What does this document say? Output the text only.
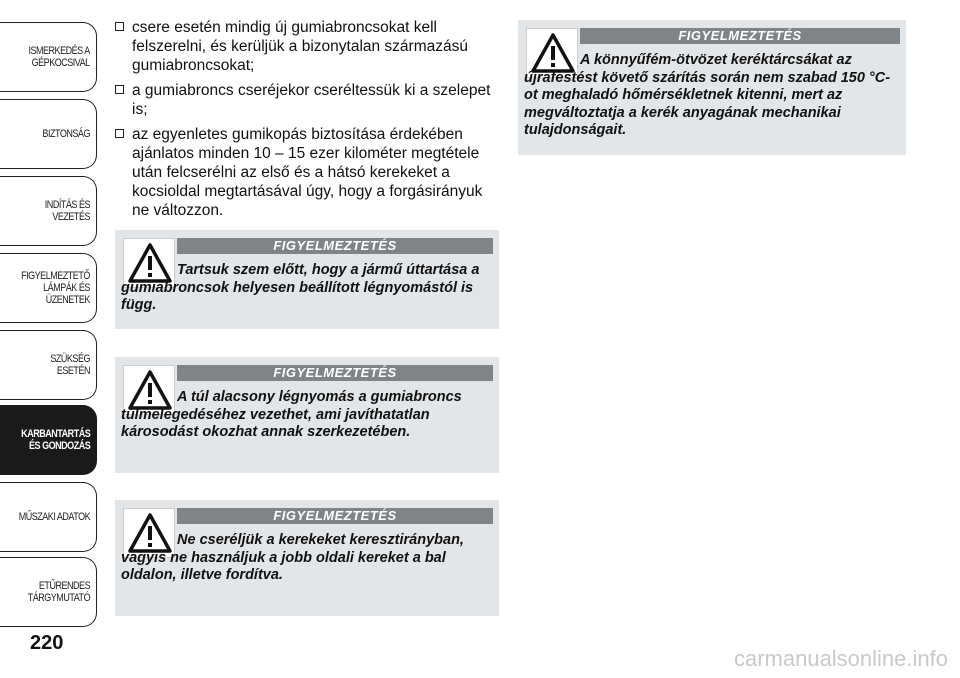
ISMERKEDÉS A
GÉPKOCSIVAL
BIZTONSÁG
INDÍTÁS ÉS VEZETÉS
FIGYELMEZTETŐ
LÁMPÁK ÉS
ÜZENETEK
SZÜKSÉG ESETÉN
KARBANTARTÁS
ÉS GONDOZÁS
MŰSZAKI ADATOK
ETŰRENDES
TÁRGYMUTATÓ
220
csere esetén mindig új gumiabroncsokat kell felszerelni, és kerüljük a bizonytalan származású gumiabroncsokat;
a gumiabroncs cseréjekor cseréltessük ki a szelepet is;
az egyenletes gumikopás biztosítása érdekében ajánlatos minden 10 – 15 ezer kilométer megtétele után felcserélni az első és a hátsó kerekeket a kocsioldal megtartásával úgy, hogy a forgásirányuk ne változzon.
FIGYELMEZTETÉS
Tartsuk szem előtt, hogy a jármű úttartása a gumiabroncsok helyesen beállított légnyomástól is függ.
FIGYELMEZTETÉS
A túl alacsony légnyomás a gumiabroncs túlmelegedéséhez vezethet, ami javíthatatlan károsodást okozhat annak szerkezetében.
FIGYELMEZTETÉS
Ne cseréljük a kerekeket keresztirányban, vagyis ne használjuk a jobb oldali kereket a bal oldalon, illetve fordítva.
FIGYELMEZTETÉS
A könnyűfém-ötvözet keréktárcsákat az újrafestést követő szárítás során nem szabad 150 °C-ot meghaladó hőmérsékletnek kitenni, mert az megváltoztatja a kerék anyagának mechanikai tulajdonságait.
carmanualsonline.info
